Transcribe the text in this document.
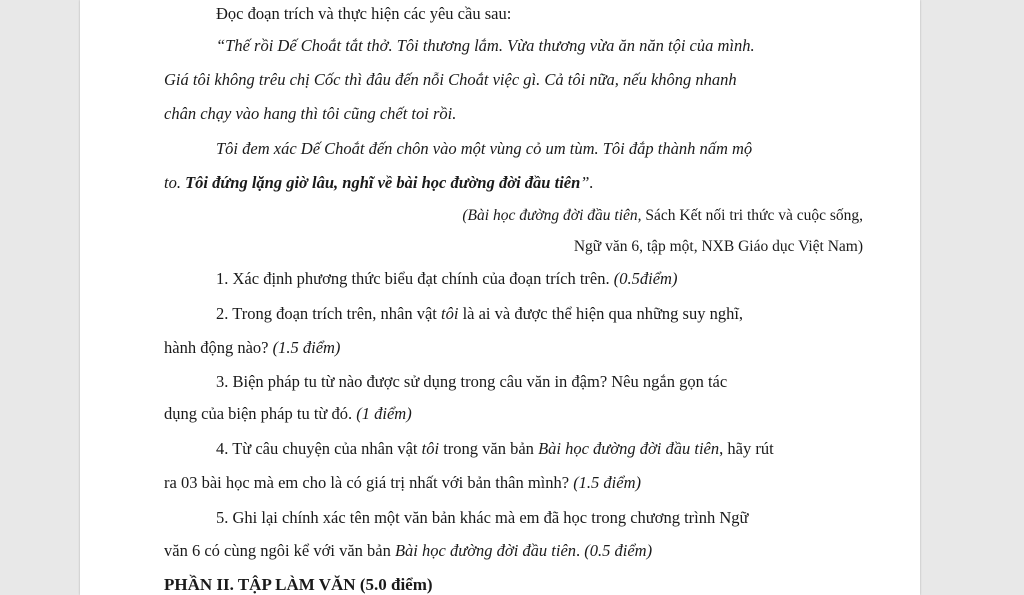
Đọc đoạn trích và thực hiện các yêu cầu sau:
“Thế rồi Dế Choắt tắt thở. Tôi thương lắm. Vừa thương vừa ăn năn tội của mình.
Giá tôi không trêu chị Cốc thì đâu đến nỗi Choắt việc gì. Cả tôi nữa, nếu không nhanh
chân chạy vào hang thì tôi cũng chết toi rồi.
Tôi đem xác Dế Choắt đến chôn vào một vùng cỏ um tùm. Tôi đắp thành nấm mộ
to. Tôi đứng lặng giờ lâu, nghĩ về bài học đường đời đầu tiên”.
(Bài học đường đời đầu tiên, Sách Kết nối tri thức và cuộc sống,
Ngữ văn 6, tập một, NXB Giáo dục Việt Nam)
1. Xác định phương thức biểu đạt chính của đoạn trích trên. (0.5điểm)
2. Trong đoạn trích trên, nhân vật tôi là ai và được thể hiện qua những suy nghĩ,
hành động nào? (1.5 điểm)
3. Biện pháp tu từ nào được sử dụng trong câu văn in đậm? Nêu ngắn gọn tác
dụng của biện pháp tu từ đó. (1 điểm)
4. Từ câu chuyện của nhân vật tôi trong văn bản Bài học đường đời đầu tiên, hãy rút
ra 03 bài học mà em cho là có giá trị nhất với bản thân mình? (1.5 điểm)
5. Ghi lại chính xác tên một văn bản khác mà em đã học trong chương trình Ngữ
văn 6 có cùng ngôi kể với văn bản Bài học đường đời đầu tiên. (0.5 điểm)
PHẦN II. TẬP LÀM VĂN (5.0 điểm)
